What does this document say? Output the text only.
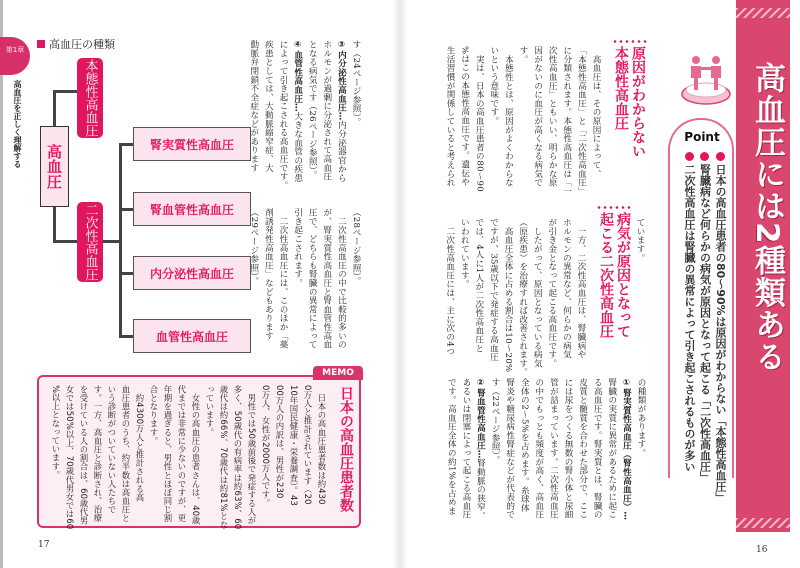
第1章
高血圧を正しく理解する
高血圧の種類
本態性高血圧
高血圧
二次性高血圧
腎実質性高血圧
腎血管性高血圧
内分泌性高血圧
血管性高血圧
す（24ページ参照）。
③内分泌性高血圧…内分泌器官から
ホルモンが過剰に分泌されて高血圧
となる病気です（26ページ参照）。
④血管性高血圧…大きな血管の疾患
によって引き起こされる高血圧です。
疾患としては、大動脈縮窄症、大
動脈弁閉鎖不全症などがあります
（28ページ参照）。
　二次性高血圧の中で比較的多いの
が、腎実質性高血圧と腎血管性高血
圧で、どちらも腎臓の異常によって
引き起こされます。
　二次性高血圧には、このほか「薬
剤誘発性高血圧」などもあります
（29ページ参照）。
MEMO
日本の高血圧患者数
　日本の高血圧患者数は約430
0万人と推計されています（20
10年国民健康・栄養調査）。43
00万人の内訳は、男性が230
0万人、女性が2000万人です。
　男性では50歳前後で発症する人が
多く、50歳代の有病率は約63%、60
歳代は約66%、70歳代は約81%とな
っています。
　女性の高血圧の患者さんは、40歳
代までは非常に少ないのですが、更
年期を過ぎると、男性とほぼ同じ割
合となります。
　約4300万人と推計される高
血圧患者のうち、約半数は高血圧と
いう診断がついていない人たちで
す。一方、高血圧と診断され、治療
を受けている人の割合は、60歳代男
女では50%以上、70歳代男女では60
%以上となっています。
17
原因がわからない
本態性高血圧
　高血圧は、その原因によって、
「本態性高血圧」と「二次性高血圧」
に分類されます。本態性高血圧は「一
次性高血圧」ともいい、明らかな原
因がないのに血圧が高くなる病気で
す。
　本態性とは、原因がよくわからな
いという意味です。
　実は、日本の高血圧患者の80～90
%はこの本態性高血圧です。遺伝や
生活習慣が関係していると考えられ
ています。
病気が原因となって
起こる二次性高血圧
　一方、二次性高血圧は、腎臓病や
ホルモンの異常など、何らかの病気
が引き金となって起こる高血圧です。
　したがって、原因となっている病気
（原疾患）を治療すれば改善されます。
　高血圧全体に占める割合は10～20%
ですが、35歳以下で発症する高血圧
では、4人に1人が二次性高血圧と
いわれています。
　二次性高血圧には、主に次の4つ
の種類があります。
①腎実質性高血圧（腎性高血圧）…
腎臓の実質に異常があるために起こ
る高血圧です。腎実質とは、腎臓の
皮質と髄質を合わせた部分で、ここ
には尿をつくる無数の腎小体と尿細
管が詰まっています。二次性高血圧
の中でもっとも頻度が高く、高血圧
全体の2～5%を占めます。糸球体
腎炎や糖尿病性腎症などが代表的で
す（22ページ参照）。
②腎血管性高血圧…腎動脈の狭窄、
あるいは閉塞によって起こる高血圧
です。高血圧全体の約1%を占めま
高血圧には2種類ある
16
Point
日本の高血圧患者の80～90%は原因がわからない「本態性高血圧」
腎臓病など何らかの病気が原因となって起こる「二次性高血圧」
二次性高血圧は腎臓の異常によって引き起こされるものが多い
